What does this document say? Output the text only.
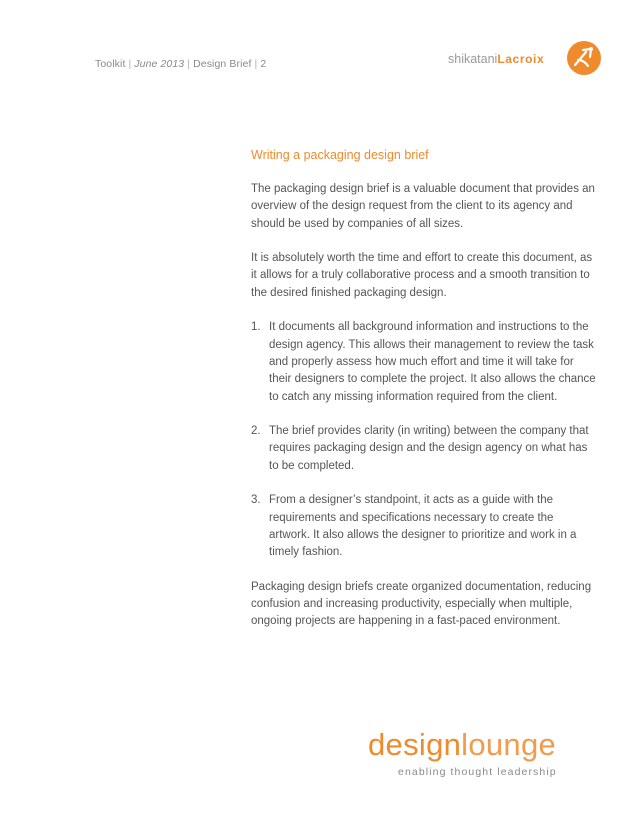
Toolkit | June 2013 | Design Brief | 2	shikataniLacroix
Writing a packaging design brief

The packaging design brief is a valuable document that provides an overview of the design request from the client to its agency and should be used by companies of all sizes.

It is absolutely worth the time and effort to create this document, as it allows for a truly collaborative process and a smooth transition to the desired finished packaging design.

1. It documents all background information and instructions to the design agency. This allows their management to review the task and properly assess how much effort and time it will take for their designers to complete the project. It also allows the chance to catch any missing information required from the client.
2. The brief provides clarity (in writing) between the company that requires packaging design and the design agency on what has to be completed.
3. From a designer’s standpoint, it acts as a guide with the requirements and specifications necessary to create the artwork. It also allows the designer to prioritize and work in a timely fashion.

Packaging design briefs create organized documentation, reducing confusion and increasing productivity, especially when multiple, ongoing projects are happening in a fast-paced environment.

designlounge
enabling thought leadership
